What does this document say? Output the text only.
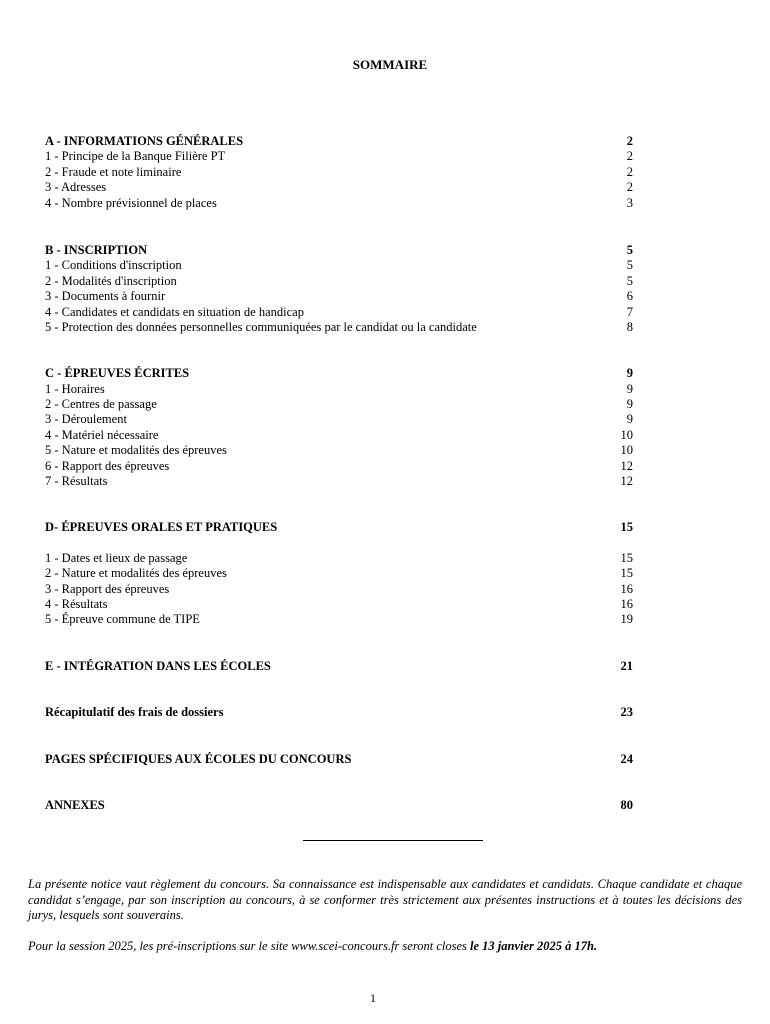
SOMMAIRE
A - INFORMATIONS GÉNÉRALES	2
1 - Principe de la Banque Filière PT	2
2 - Fraude et note liminaire	2
3 - Adresses	2
4 - Nombre prévisionnel de places	3
B - INSCRIPTION	5
1 - Conditions d'inscription	5
2 - Modalités d'inscription	5
3 - Documents à fournir	6
4 - Candidates et candidats en situation de handicap	7
5 - Protection des données personnelles communiquées par le candidat ou la candidate	8
C - ÉPREUVES ÉCRITES	9
1 - Horaires	9
2 - Centres de passage	9
3 - Déroulement	9
4 - Matériel nécessaire	10
5 - Nature et modalités des épreuves	10
6 - Rapport des épreuves	12
7 - Résultats	12
D- ÉPREUVES ORALES ET PRATIQUES	15
1 - Dates et lieux de passage	15
2 - Nature et modalités des épreuves	15
3 - Rapport des épreuves	16
4 - Résultats	16
5 - Épreuve commune de TIPE	19
E - INTÉGRATION DANS LES ÉCOLES	21
Récapitulatif des frais de dossiers	23
PAGES SPÉCIFIQUES AUX ÉCOLES DU CONCOURS	24
ANNEXES	80
La présente notice vaut règlement du concours. Sa connaissance est indispensable aux candidates et candidats. Chaque candidate et chaque candidat s’engage, par son inscription au concours, à se conformer très strictement aux présentes instructions et à toutes les décisions des jurys, lesquels sont souverains.
Pour la session 2025, les pré-inscriptions sur le site www.scei-concours.fr seront closes le 13 janvier 2025 à 17h.
1
